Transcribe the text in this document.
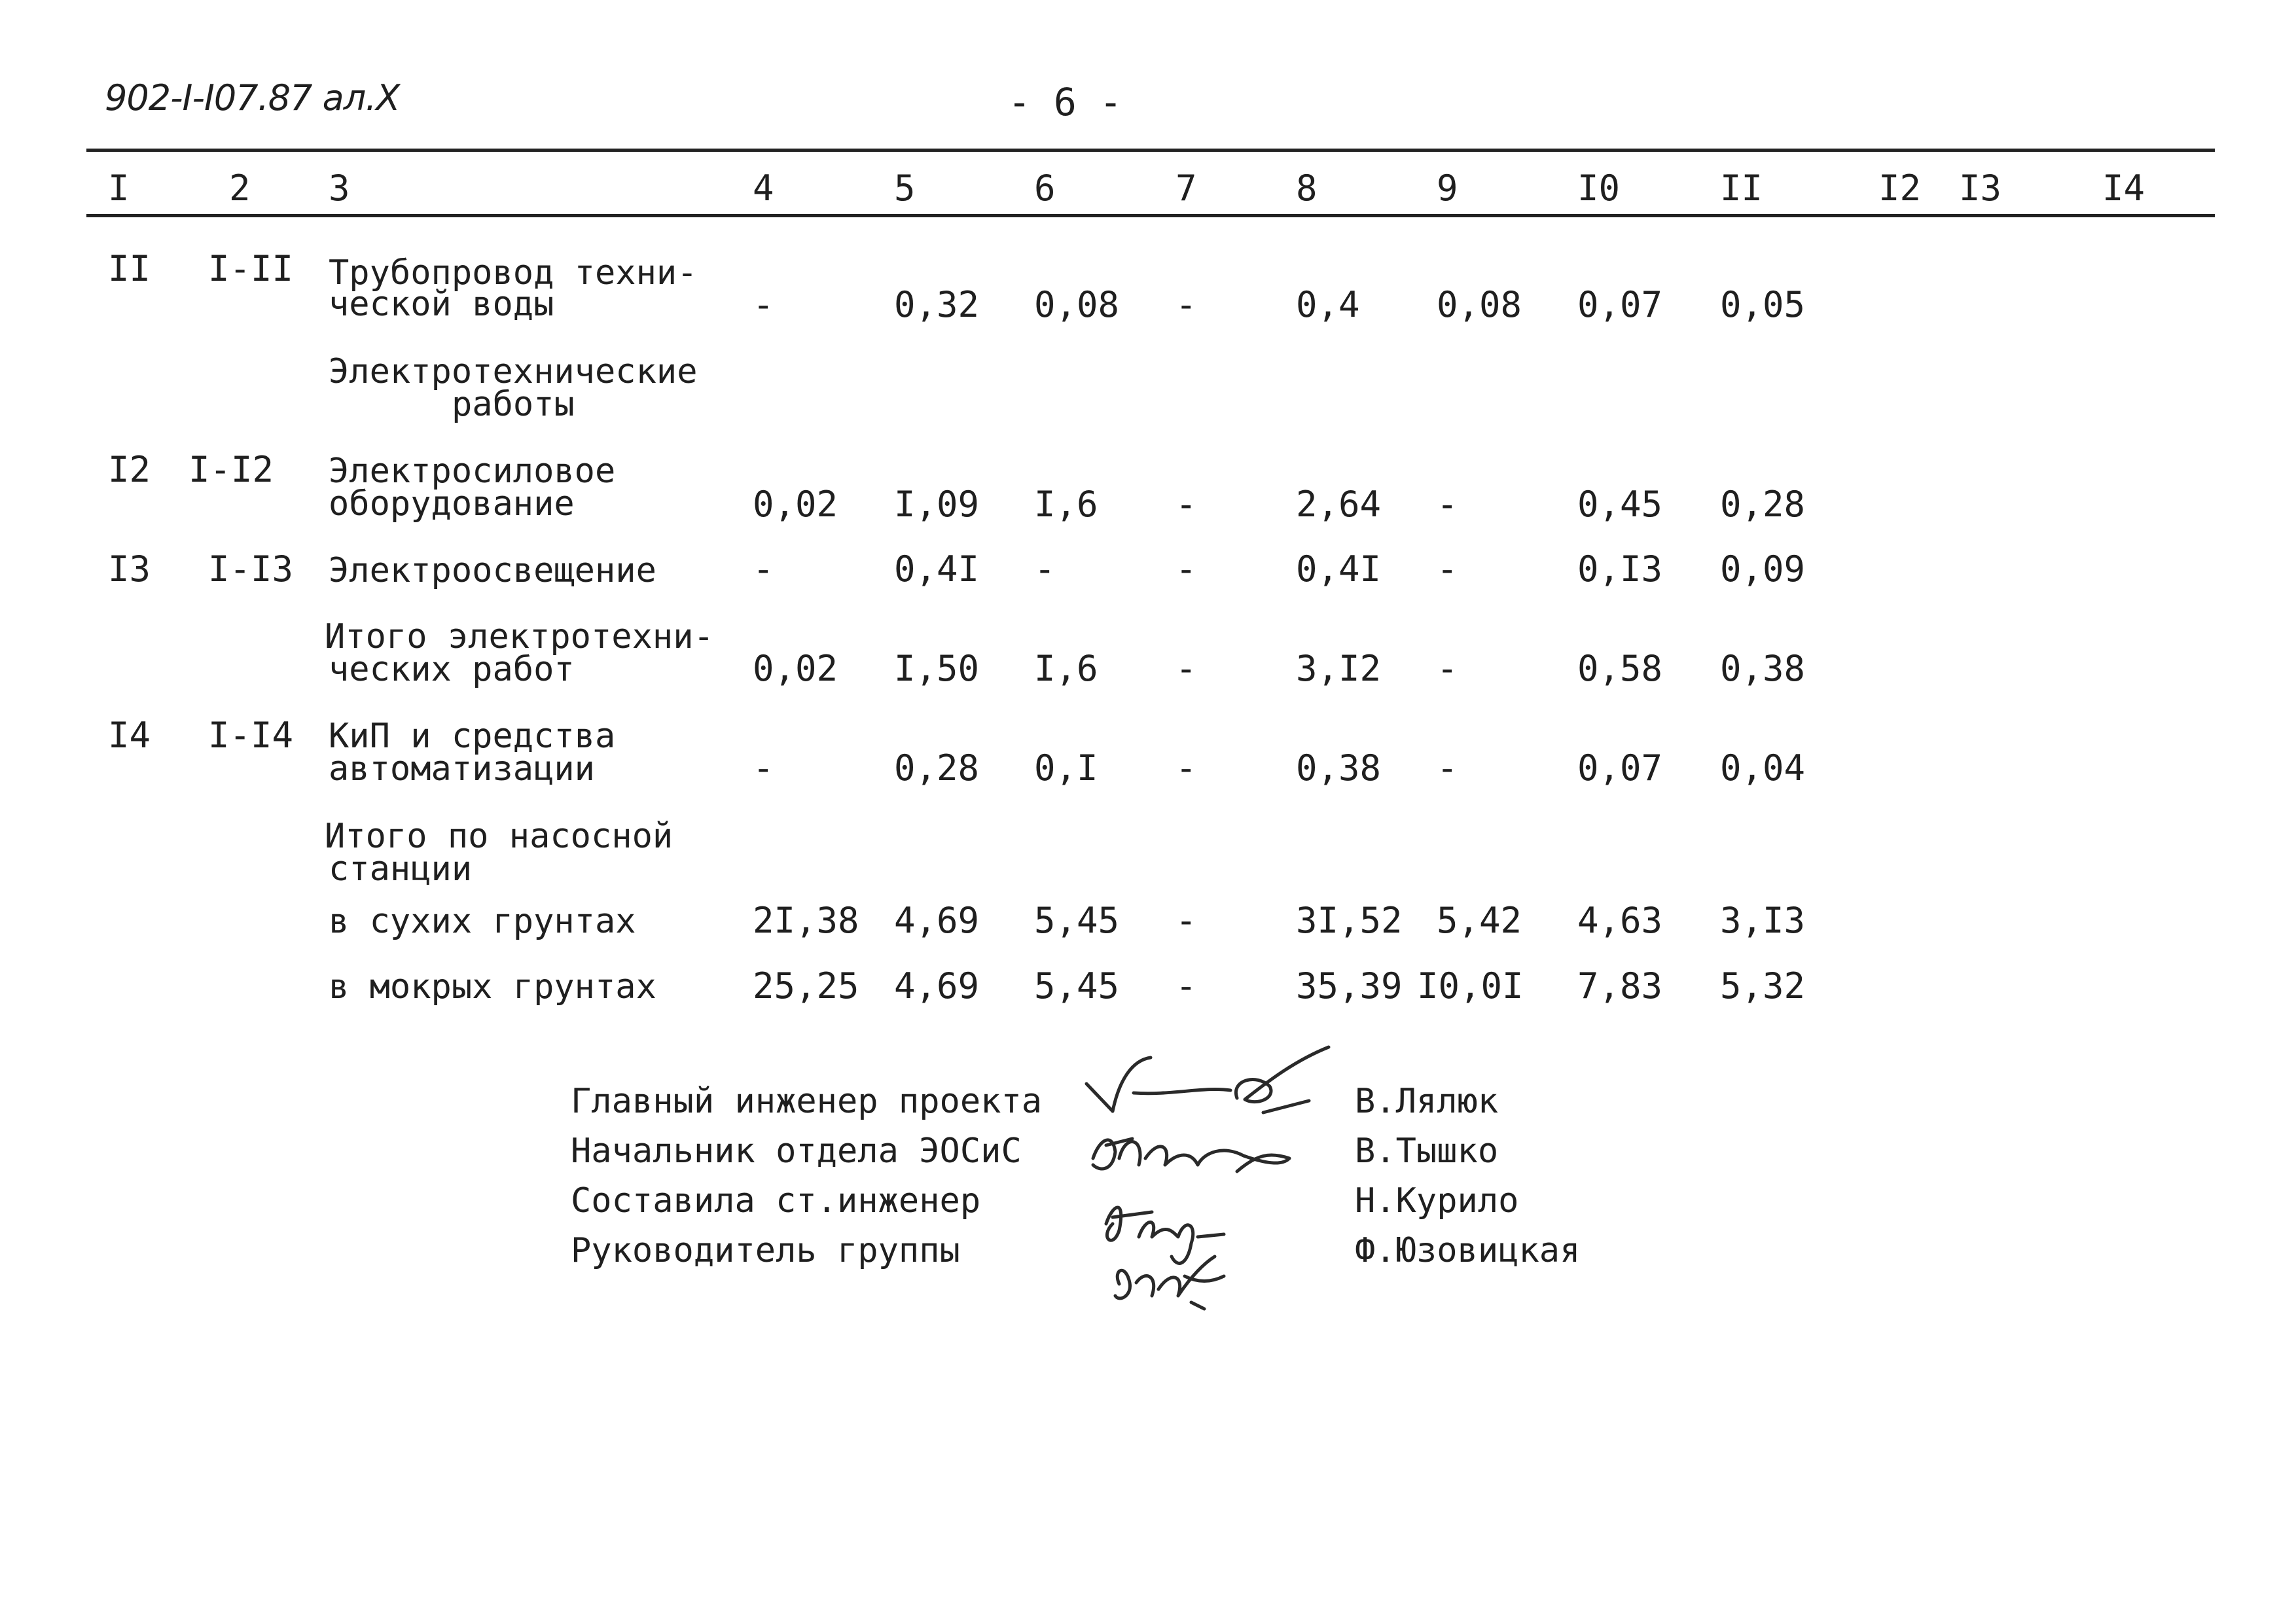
902-I-I07.87 ал.X	- 6 -
I	2 3	4	5	6	7	8	9	I0	II	I2 I3	I4
II I-II Трубопровод техни-
ческой воды	-	0,32 0,08 -	0,4 0,08 0,07 0,05
Электротехнические
работы
I2 I-I2 Электросиловое
оборудование	0,02 I,09 I,6 -	2,64 -	0,45 0,28
I3 I-I3 Электроосвещение	-	0,4I -	-	0,4I -	0,I3 0,09
Итого электротехни-
ческих работ	0,02 I,50 I,6 -	3,I2 -	0,58 0,38
I4 I-I4 КиП и средства
автоматизации	-	0,28 0,I -	0,38 -	0,07 0,04
Итого по насосной
станции
в сухих грунтах	2I,38 4,69 5,45 -	3I,52 5,42 4,63 3,I3
в мокрых грунтах	25,25 4,69 5,45 -	35,39 I0,0I 7,83 5,32
Главный инженер проекта
Начальник отдела ЭОСиС
Составила ст.инженер
Руководитель группы
В.Лялюк
В.Тышко
Н.Курило
Ф.Юзовицкая
